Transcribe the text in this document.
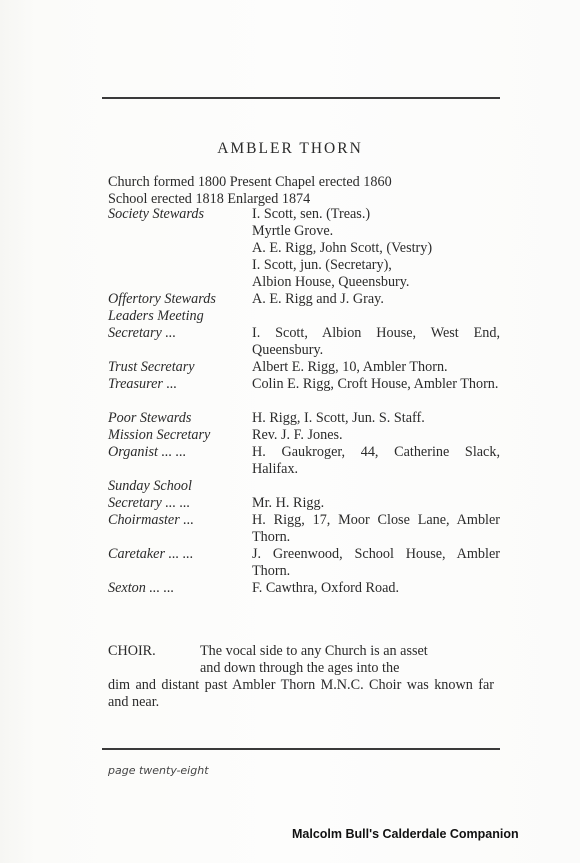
AMBLER THORN
Church formed 1800 Present Chapel erected 1860
School erected 1818 Enlarged 1874
Society Stewards	I. Scott, sen. (Treas.)
Myrtle Grove.
A. E. Rigg, John Scott, (Vestry)
I. Scott, jun. (Secretary),
Albion House, Queensbury.
Offertory Stewards	A. E. Rigg and J. Gray.
Leaders Meeting
Secretary ...	I. Scott, Albion House, West End, Queensbury.
Trust Secretary	Albert E. Rigg, 10, Ambler Thorn.
Treasurer ...	Colin E. Rigg, Croft House, Ambler Thorn.
Poor Stewards	H. Rigg, I. Scott, Jun. S. Staff.
Mission Secretary	Rev. J. F. Jones.
Organist ... ...	H. Gaukroger, 44, Catherine Slack, Halifax.
Sunday School
Secretary ... ...	Mr. H. Rigg.
Choirmaster ...	H. Rigg, 17, Moor Close Lane, Ambler Thorn.
Caretaker ... ...	J. Greenwood, School House, Ambler Thorn.
Sexton ... ...	F. Cawthra, Oxford Road.
CHOIR.	The vocal side to any Church is an asset
and down through the ages into the
dim and distant past Ambler Thorn M.N.C. Choir was known far and near.
page twenty-eight
Malcolm Bull's Calderdale Companion
